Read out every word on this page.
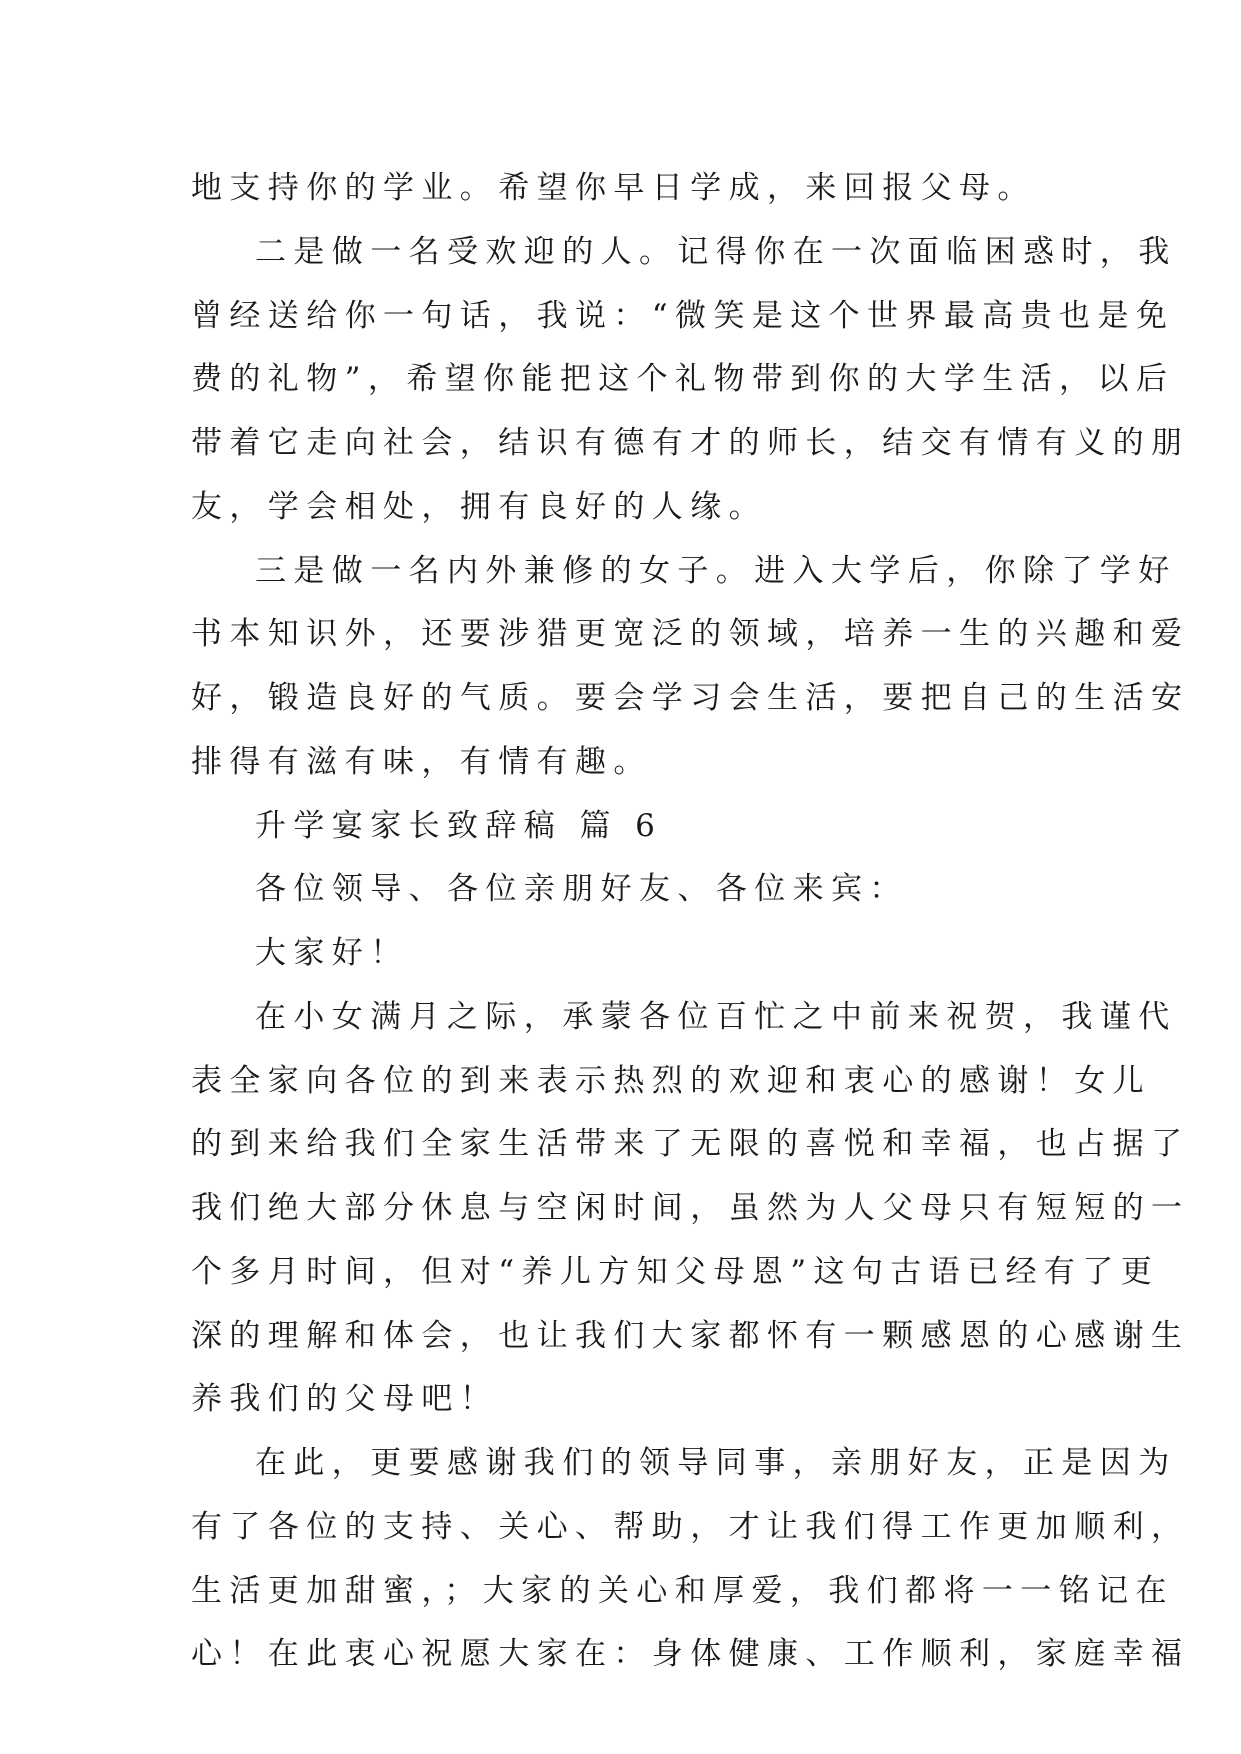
地支持你的学业。希望你早日学成，来回报父母。
二是做一名受欢迎的人。记得你在一次面临困惑时，我
曾经送给你一句话，我说：“微笑是这个世界最高贵也是免
费的礼物”，希望你能把这个礼物带到你的大学生活，以后
带着它走向社会，结识有德有才的师长，结交有情有义的朋
友，学会相处，拥有良好的人缘。
三是做一名内外兼修的女子。进入大学后，你除了学好
书本知识外，还要涉猎更宽泛的领域，培养一生的兴趣和爱
好，锻造良好的气质。要会学习会生活，要把自己的生活安
排得有滋有味，有情有趣。
升学宴家长致辞稿 篇 6
各位领导、各位亲朋好友、各位来宾：
大家好！
在小女满月之际，承蒙各位百忙之中前来祝贺，我谨代
表全家向各位的到来表示热烈的欢迎和衷心的感谢！女儿
的到来给我们全家生活带来了无限的喜悦和幸福，也占据了
我们绝大部分休息与空闲时间，虽然为人父母只有短短的一
个多月时间，但对“养儿方知父母恩”这句古语已经有了更
深的理解和体会，也让我们大家都怀有一颗感恩的心感谢生
养我们的父母吧！
在此，更要感谢我们的领导同事，亲朋好友，正是因为
有了各位的支持、关心、帮助，才让我们得工作更加顺利，
生活更加甜蜜，；大家的关心和厚爱，我们都将一一铭记在
心！在此衷心祝愿大家在：身体健康、工作顺利，家庭幸福
